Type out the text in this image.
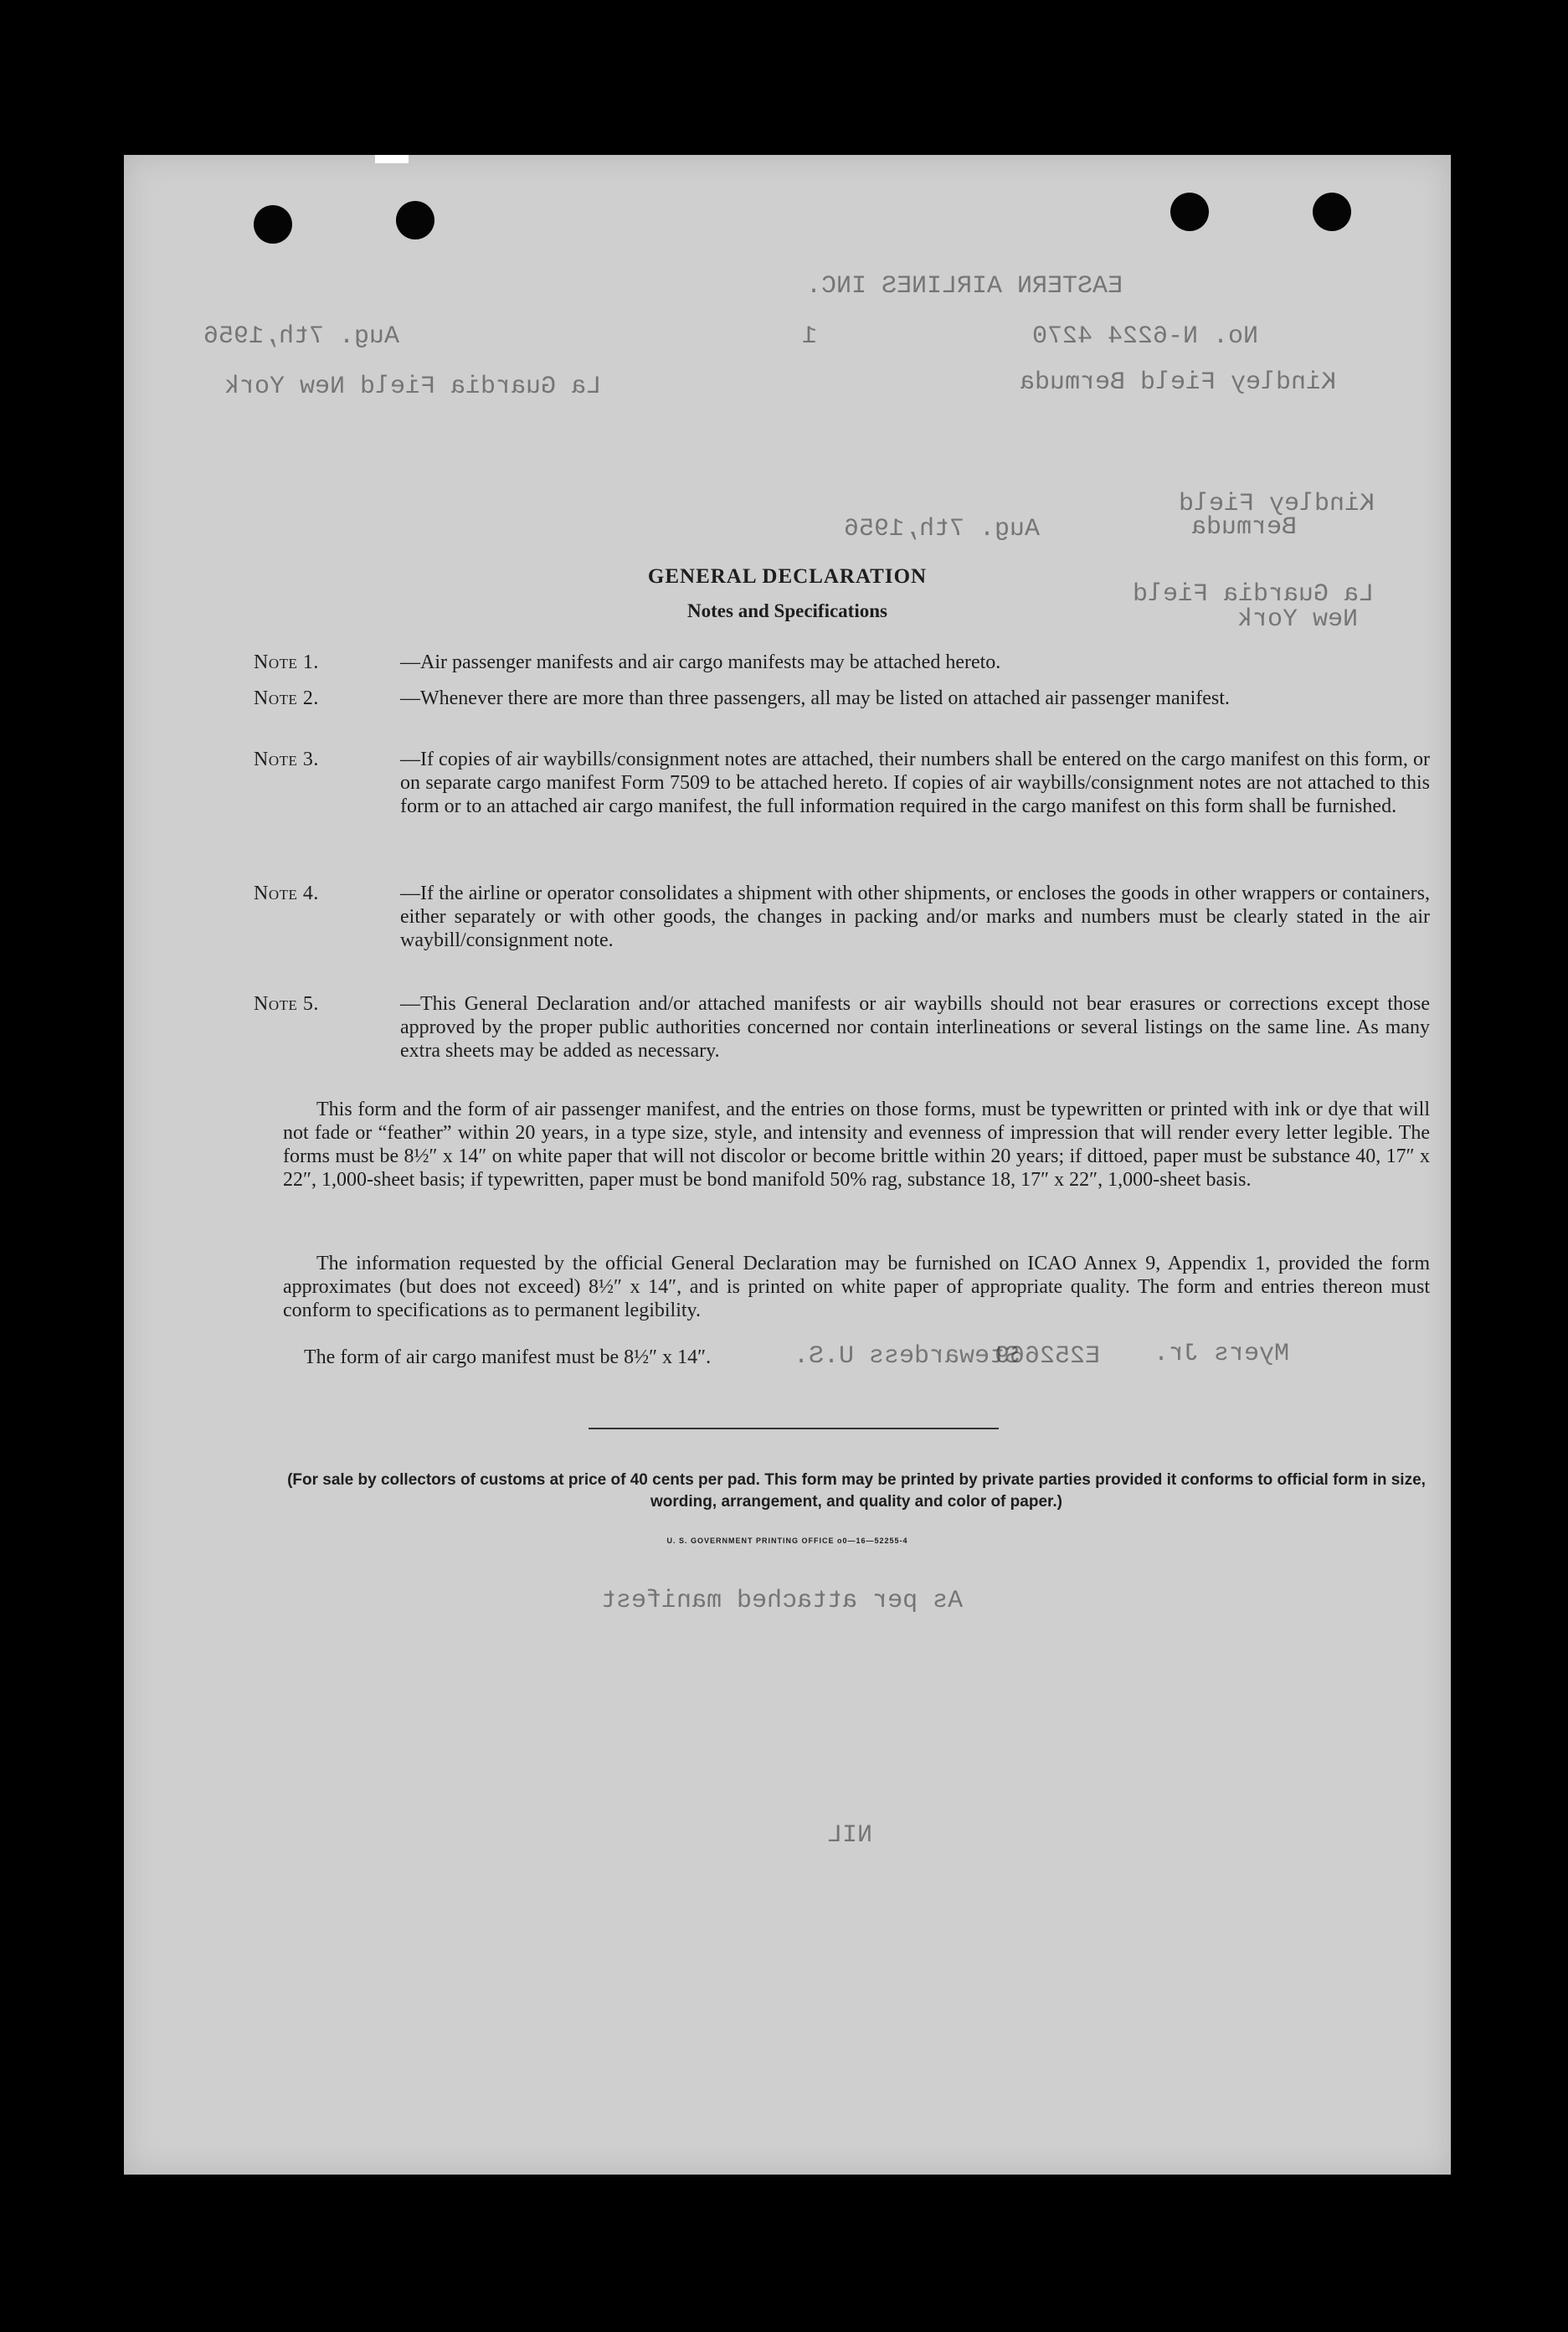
EASTERN AIRLINES INC.
No. N-6224 4270
1
Aug. 7th,1956
Kindley Field Bermuda
La Guardia Field New York
Kindley Field
Bermuda
Aug. 7th,1956
La Guardia Field
New York
Myers Jr.
Stewardess U.S.
E252669
As per attached manifest
NIL
GENERAL DECLARATION
Notes and Specifications
Note 1.	—Air passenger manifests and air cargo manifests may be attached hereto.
Note 2.	—Whenever there are more than three passengers, all may be listed on attached air passenger manifest.
Note 3.	—If copies of air waybills/consignment notes are attached, their numbers shall be entered on the cargo manifest on this form, or on separate cargo manifest Form 7509 to be attached hereto. If copies of air waybills/consignment notes are not attached to this form or to an attached air cargo manifest, the full information required in the cargo manifest on this form shall be furnished.
Note 4.	—If the airline or operator consolidates a shipment with other shipments, or encloses the goods in other wrappers or containers, either separately or with other goods, the changes in packing and/or marks and numbers must be clearly stated in the air waybill/consignment note.
Note 5.	—This General Declaration and/or attached manifests or air waybills should not bear erasures or corrections except those approved by the proper public authorities concerned nor contain interlineations or several listings on the same line. As many extra sheets may be added as necessary.
This form and the form of air passenger manifest, and the entries on those forms, must be typewritten or printed with ink or dye that will not fade or “feather” within 20 years, in a type size, style, and intensity and evenness of impression that will render every letter legible. The forms must be 8½″ x 14″ on white paper that will not discolor or become brittle within 20 years; if dittoed, paper must be substance 40, 17″ x 22″, 1,000-sheet basis; if typewritten, paper must be bond manifold 50% rag, substance 18, 17″ x 22″, 1,000-sheet basis.
The information requested by the official General Declaration may be furnished on ICAO Annex 9, Appendix 1, provided the form approximates (but does not exceed) 8½″ x 14″, and is printed on white paper of appropriate quality. The form and entries thereon must conform to specifications as to permanent legibility.
The form of air cargo manifest must be 8½″ x 14″.
(For sale by collectors of customs at price of 40 cents per pad. This form may be printed by private parties provided it conforms to official form in size, wording, arrangement, and quality and color of paper.)
U. S. GOVERNMENT PRINTING OFFICE o0—16—52255-4
